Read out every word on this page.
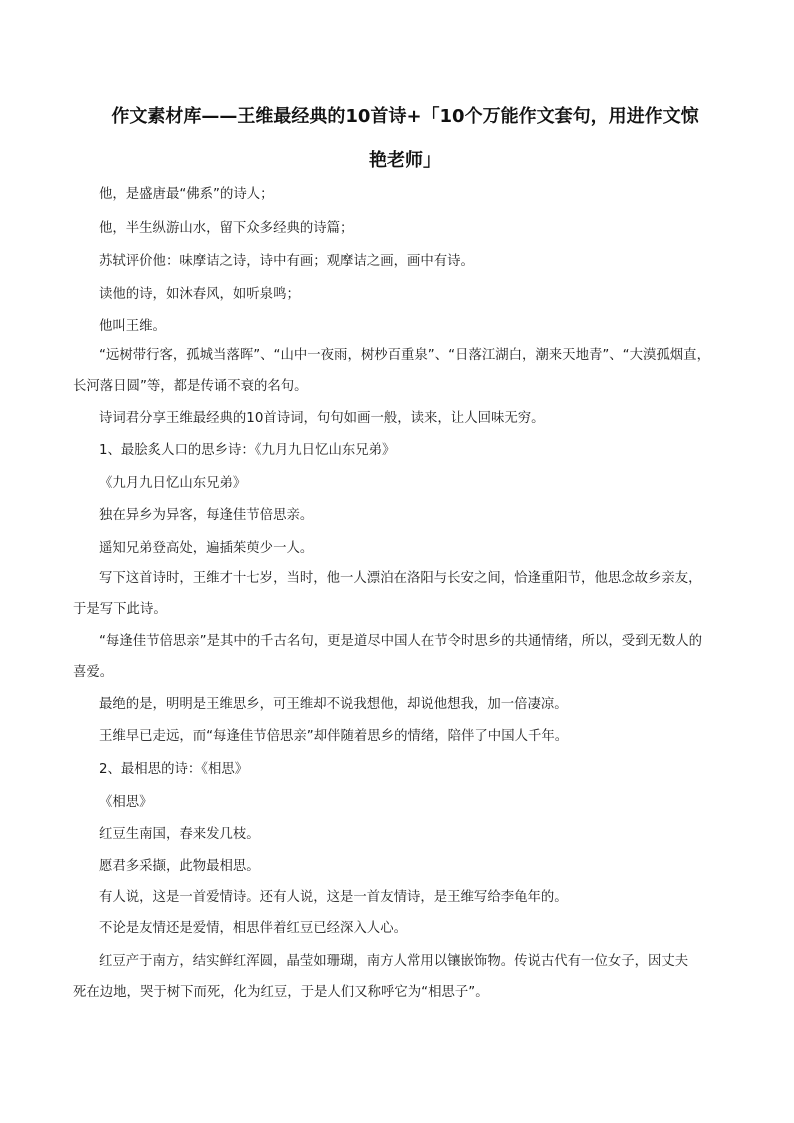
作文素材库——王维最经典的10首诗+「10个万能作文套句，用进作文惊
艳老师」
他，是盛唐最“佛系”的诗人；
他，半生纵游山水，留下众多经典的诗篇；
苏轼评价他：味摩诘之诗，诗中有画；观摩诘之画，画中有诗。
读他的诗，如沐春风，如听泉鸣；
他叫王维。
“远树带行客，孤城当落晖”、“山中一夜雨，树杪百重泉”、“日落江湖白，潮来天地青”、“大漠孤烟直，
长河落日圆”等，都是传诵不衰的名句。
诗词君分享王维最经典的10首诗词，句句如画一般，读来，让人回味无穷。
1、最脍炙人口的思乡诗：《九月九日忆山东兄弟》
《九月九日忆山东兄弟》
独在异乡为异客，每逢佳节倍思亲。
遥知兄弟登高处，遍插茱萸少一人。
写下这首诗时，王维才十七岁，当时，他一人漂泊在洛阳与长安之间，恰逢重阳节，他思念故乡亲友，
于是写下此诗。
“每逢佳节倍思亲”是其中的千古名句，更是道尽中国人在节令时思乡的共通情绪，所以，受到无数人的
喜爱。
最绝的是，明明是王维思乡，可王维却不说我想他，却说他想我，加一倍凄凉。
王维早已走远，而“每逢佳节倍思亲”却伴随着思乡的情绪，陪伴了中国人千年。
2、最相思的诗：《相思》
《相思》
红豆生南国，春来发几枝。
愿君多采撷，此物最相思。
有人说，这是一首爱情诗。还有人说，这是一首友情诗，是王维写给李龟年的。
不论是友情还是爱情，相思伴着红豆已经深入人心。
红豆产于南方，结实鲜红浑圆，晶莹如珊瑚，南方人常用以镶嵌饰物。传说古代有一位女子，因丈夫
死在边地，哭于树下而死，化为红豆，于是人们又称呼它为“相思子”。
